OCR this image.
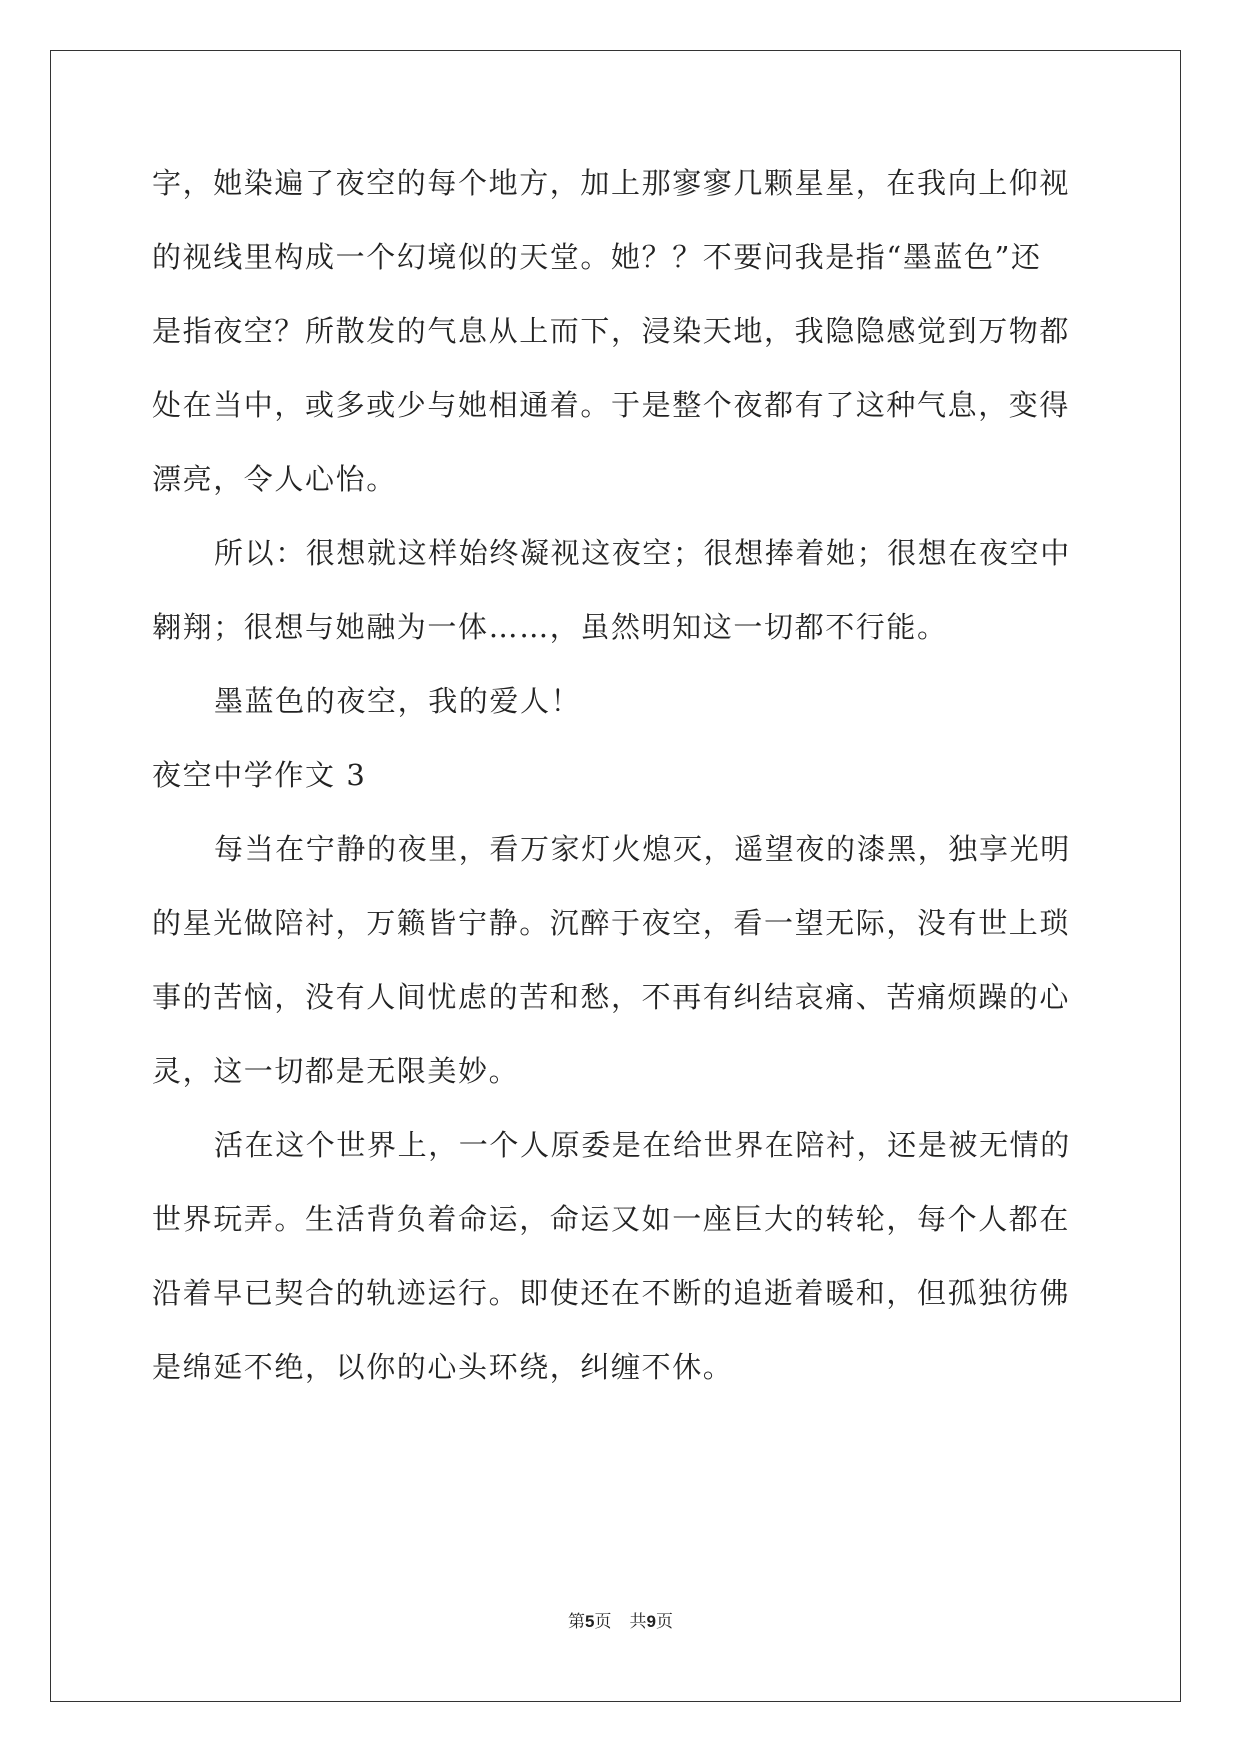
字，她染遍了夜空的每个地方，加上那寥寥几颗星星，在我向上仰视
的视线里构成一个幻境似的天堂。她？？不要问我是指“墨蓝色”还
是指夜空？所散发的气息从上而下，浸染天地，我隐隐感觉到万物都
处在当中，或多或少与她相通着。于是整个夜都有了这种气息，变得
漂亮，令人心怡。
所以：很想就这样始终凝视这夜空；很想捧着她；很想在夜空中
翱翔；很想与她融为一体……，虽然明知这一切都不行能。
墨蓝色的夜空，我的爱人！
夜空中学作文 3
每当在宁静的夜里，看万家灯火熄灭，遥望夜的漆黑，独享光明
的星光做陪衬，万籁皆宁静。沉醉于夜空，看一望无际，没有世上琐
事的苦恼，没有人间忧虑的苦和愁，不再有纠结哀痛、苦痛烦躁的心
灵，这一切都是无限美妙。
活在这个世界上，一个人原委是在给世界在陪衬，还是被无情的
世界玩弄。生活背负着命运，命运又如一座巨大的转轮，每个人都在
沿着早已契合的轨迹运行。即使还在不断的追逝着暖和，但孤独彷佛
是绵延不绝，以你的心头环绕，纠缠不休。
第5页 共9页
